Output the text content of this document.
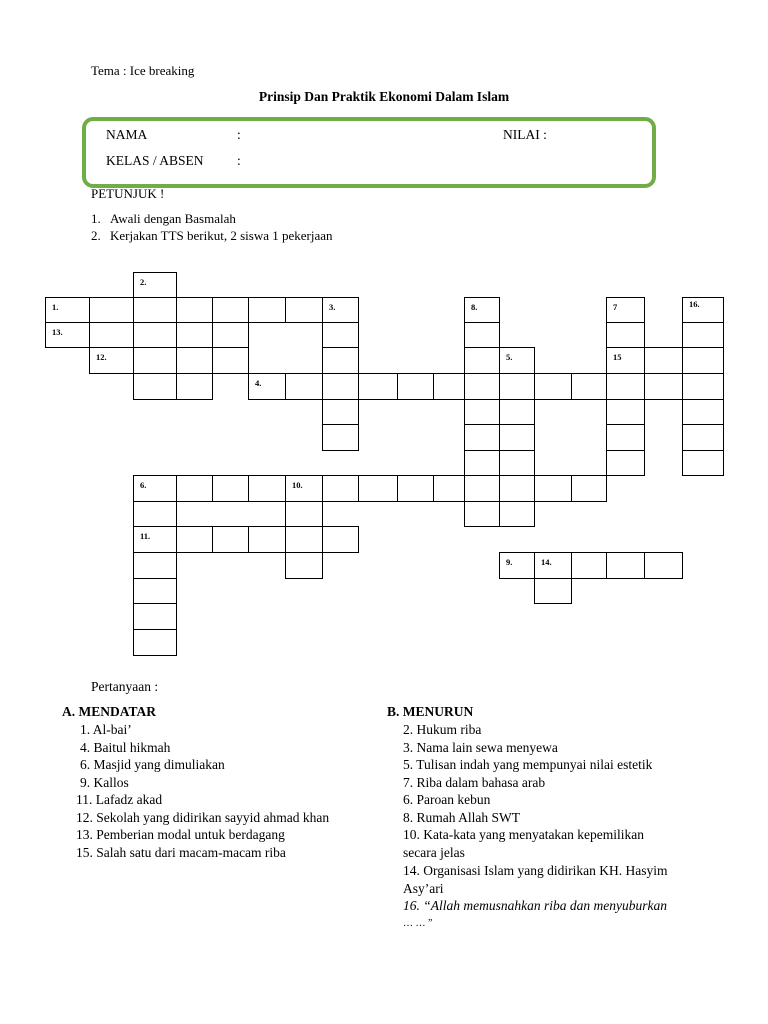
Tema : Ice breaking
Prinsip Dan Praktik Ekonomi Dalam Islam
NAMA	:	NILAI :
KELAS / ABSEN :
PETUNJUK !
1. Awali dengan Basmalah
2. Kerjakan TTS berikut, 2 siswa 1 pekerjaan
2.
1.	3.	8.	7	16.
13.
12.	5.	15
4.
6.	10.
11.
9.	14.
Pertanyaan :
A. MENDATAR
1. Al-bai’
4. Baitul hikmah
6. Masjid yang dimuliakan
9. Kallos
11. Lafadz akad
12. Sekolah yang didirikan sayyid ahmad khan
13. Pemberian modal untuk berdagang
15. Salah satu dari macam-macam riba
B. MENURUN
2. Hukum riba
3. Nama lain sewa menyewa
5. Tulisan indah yang mempunyai nilai estetik
7. Riba dalam bahasa arab
6. Paroan kebun
8. Rumah Allah SWT
10. Kata-kata yang menyatakan kepemilikan
secara jelas
14. Organisasi Islam yang didirikan KH. Hasyim
Asy’ari
16. “Allah memusnahkan riba dan menyuburkan
… … ”
